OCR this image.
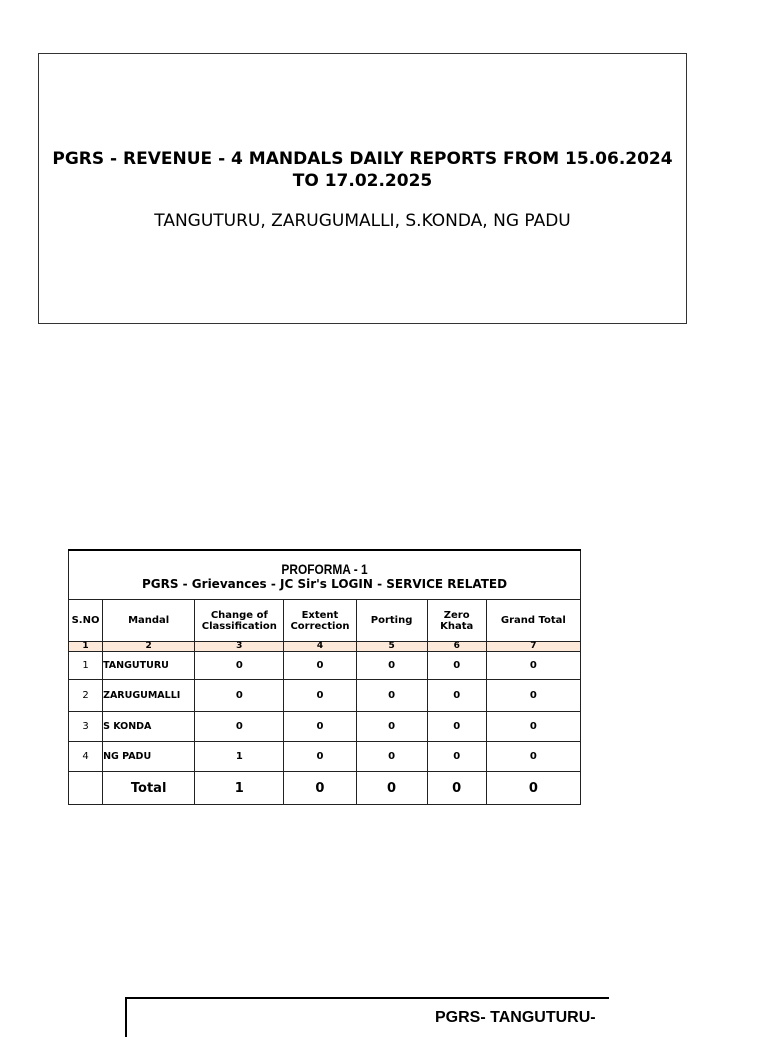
PGRS - REVENUE - 4 MANDALS DAILY REPORTS FROM 15.06.2024 TO 17.02.2025
TANGUTURU, ZARUGUMALLI, S.KONDA, NG PADU
PROFORMA - 1
PGRS - Grievances - JC Sir's LOGIN - SERVICE RELATED						

S.NO	Mandal	Change of Classification	Extent Correction	Porting	Zero Khata	Grand Total
1	2	3	4	5	6	7
1	TANGUTURU	0	0	0	0	0
2	ZARUGUMALLI	0	0	0	0	0
3	S KONDA	0	0	0	0	0
4	NG PADU	1	0	0	0	0
	Total	1	0	0	0	0
PGRS- TANGUTURU-
